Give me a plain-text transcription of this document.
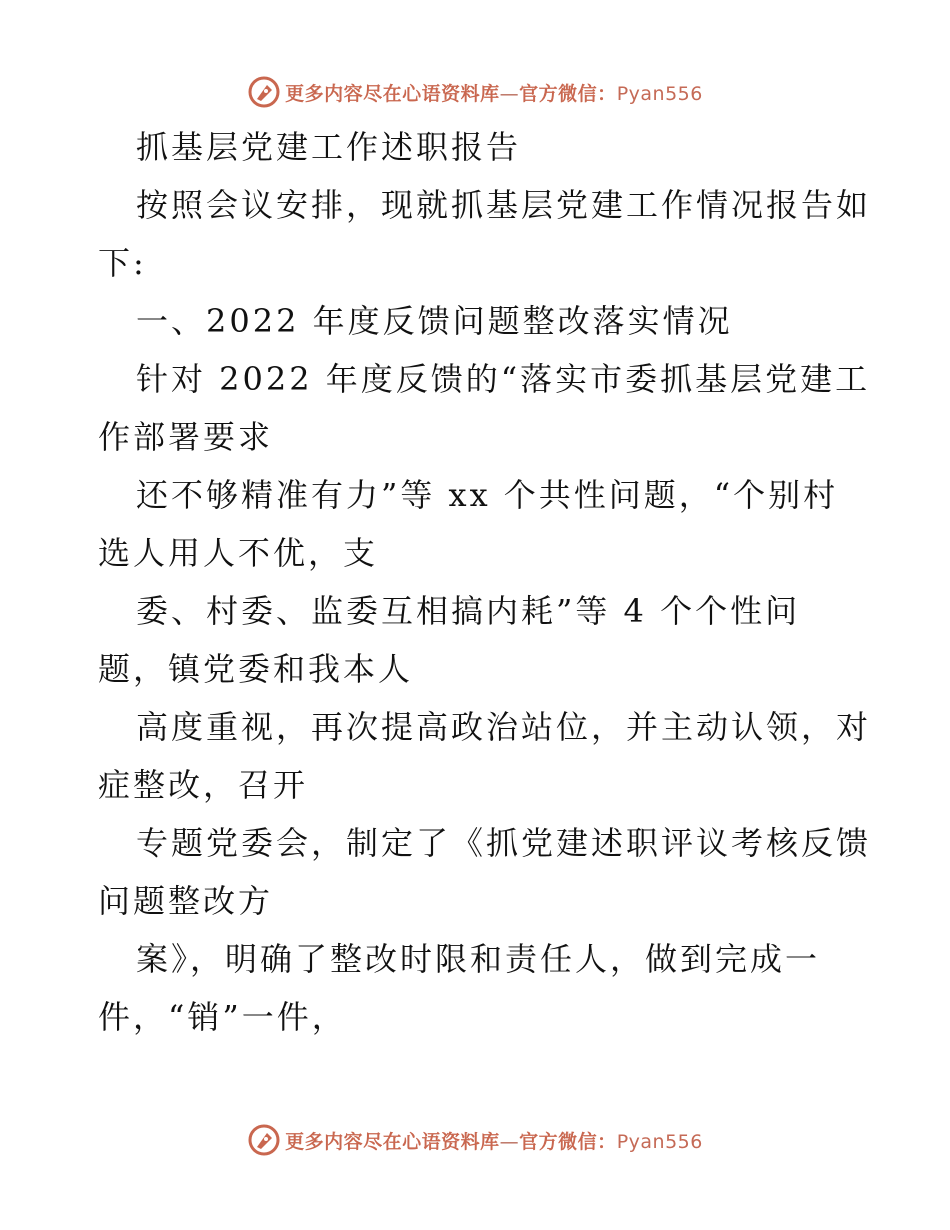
更多内容尽在心语资料库—官方微信：Pyan556
抓基层党建工作述职报告
按照会议安排，现就抓基层党建工作情况报告如
下:
一、2022 年度反馈问题整改落实情况
针对 2022 年度反馈的“落实市委抓基层党建工
作部署要求
还不够精准有力”等 xx 个共性问题，“个别村
选人用人不优，支
委、村委、监委互相搞内耗”等 4 个个性问
题，镇党委和我本人
高度重视，再次提高政治站位，并主动认领，对
症整改，召开
专题党委会，制定了《抓党建述职评议考核反馈
问题整改方
案》，明确了整改时限和责任人，做到完成一
件，“销”一件，
更多内容尽在心语资料库—官方微信：Pyan556
